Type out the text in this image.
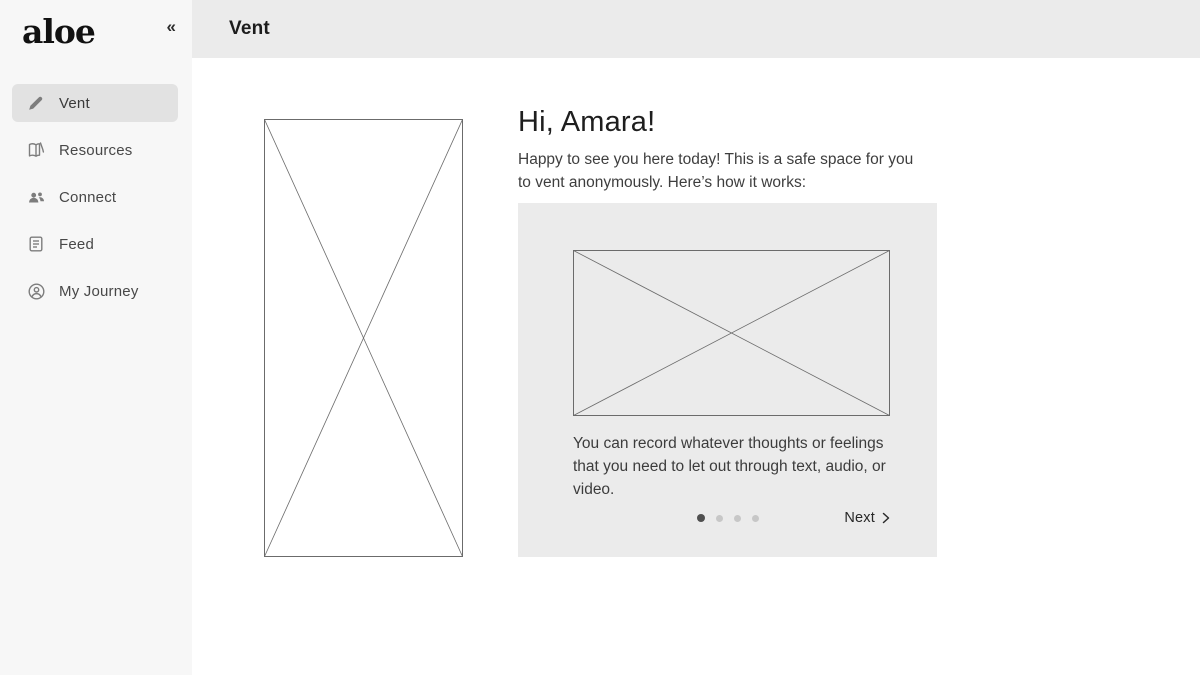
aloe	«
Vent
Resources
Connect
Feed
My Journey
Vent
Hi, Amara!

Happy to see you here today! This is a safe space for you to vent anonymously. Here’s how it works:

You can record whatever thoughts or feelings that you need to let out through text, audio, or video.

Next
